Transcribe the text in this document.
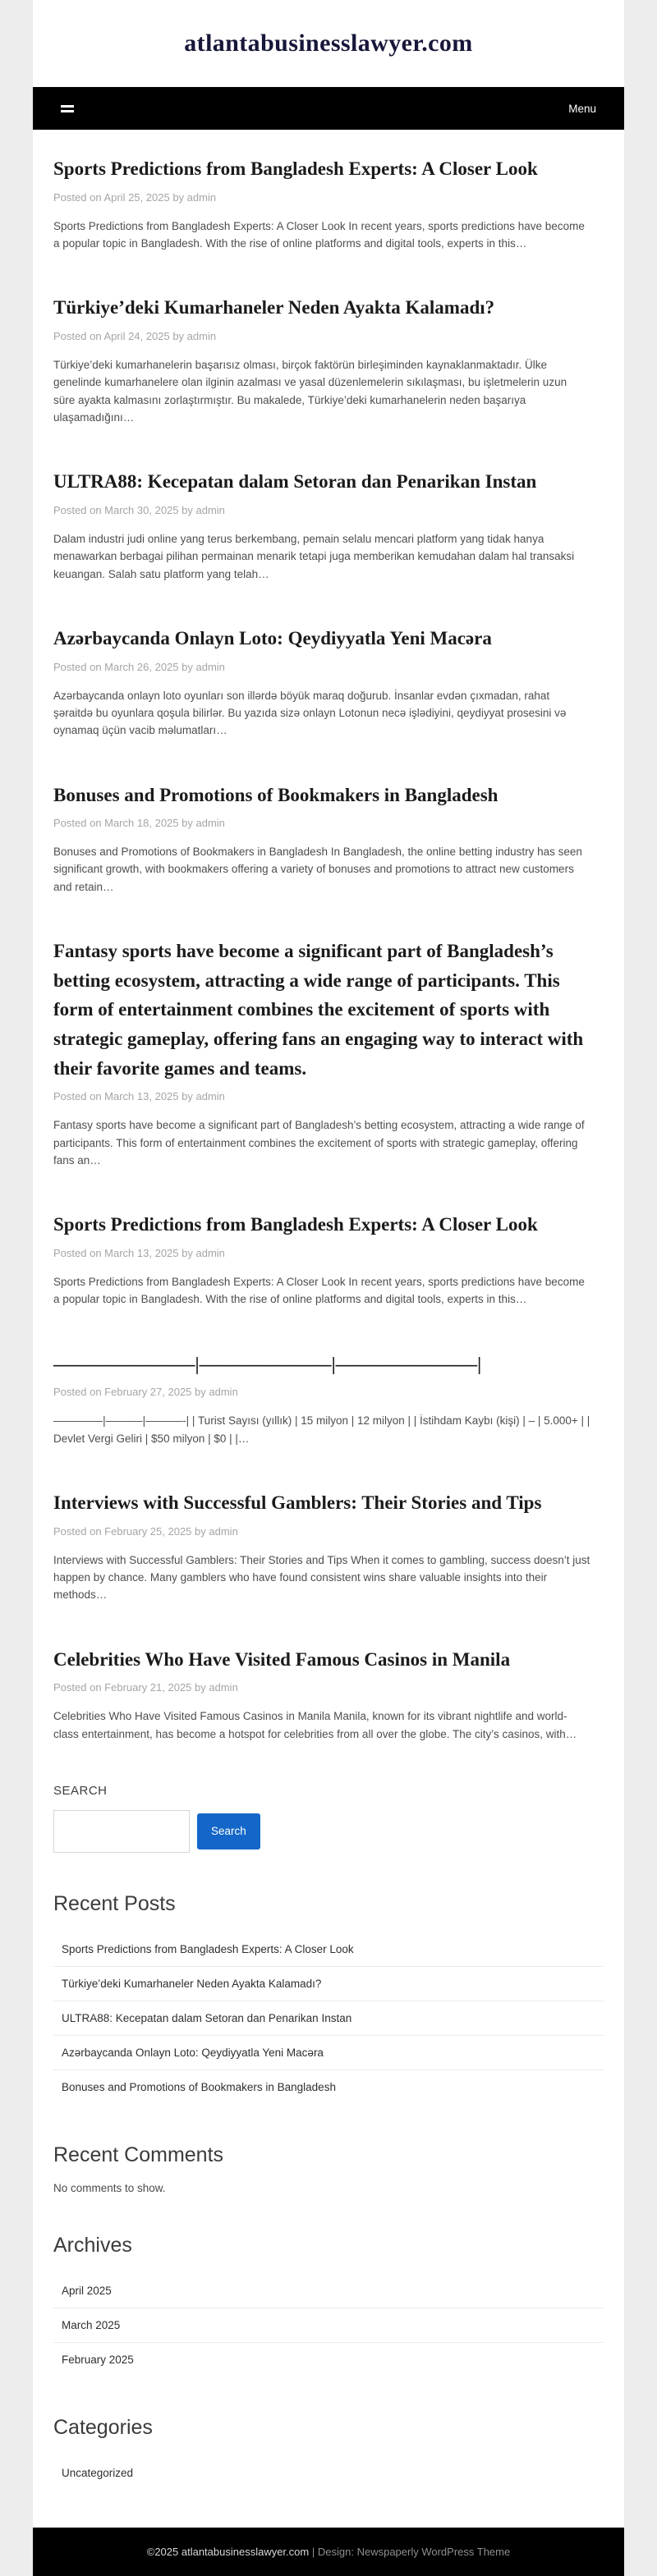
atlantabusinesslawyer.com
Menu
Sports Predictions from Bangladesh Experts: A Closer Look

Posted on April 25, 2025 by admin

Sports Predictions from Bangladesh Experts: A Closer Look In recent years, sports predictions have become a popular topic in Bangladesh. With the rise of online platforms and digital tools, experts in this…

Türkiye’deki Kumarhaneler Neden Ayakta Kalamadı?

Posted on April 24, 2025 by admin

Türkiye’deki kumarhanelerin başarısız olması, birçok faktörün birleşiminden kaynaklanmaktadır. Ülke genelinde kumarhanelere olan ilginin azalması ve yasal düzenlemelerin sıkılaşması, bu işletmelerin uzun süre ayakta kalmasını zorlaştırmıştır. Bu makalede, Türkiye’deki kumarhanelerin neden başarıya ulaşamadığını…

ULTRA88: Kecepatan dalam Setoran dan Penarikan Instan

Posted on March 30, 2025 by admin

Dalam industri judi online yang terus berkembang, pemain selalu mencari platform yang tidak hanya menawarkan berbagai pilihan permainan menarik tetapi juga memberikan kemudahan dalam hal transaksi keuangan. Salah satu platform yang telah…

Azərbaycanda Onlayn Loto: Qeydiyyatla Yeni Macəra

Posted on March 26, 2025 by admin

Azərbaycanda onlayn loto oyunları son illərdə böyük maraq doğurub. İnsanlar evdən çıxmadan, rahat şəraitdə bu oyunlara qoşula bilirlər. Bu yazıda sizə onlayn Lotonun necə işlədiyini, qeydiyyat prosesini və oynamaq üçün vacib məlumatları…

Bonuses and Promotions of Bookmakers in Bangladesh

Posted on March 18, 2025 by admin

Bonuses and Promotions of Bookmakers in Bangladesh In Bangladesh, the online betting industry has seen significant growth, with bookmakers offering a variety of bonuses and promotions to attract new customers and retain…

Fantasy sports have become a significant part of Bangladesh’s betting ecosystem, attracting a wide range of participants. This form of entertainment combines the excitement of sports with strategic gameplay, offering fans an engaging way to interact with their favorite games and teams.

Posted on March 13, 2025 by admin

Fantasy sports have become a significant part of Bangladesh’s betting ecosystem, attracting a wide range of participants. This form of entertainment combines the excitement of sports with strategic gameplay, offering fans an…

Sports Predictions from Bangladesh Experts: A Closer Look

Posted on March 13, 2025 by admin

Sports Predictions from Bangladesh Experts: A Closer Look In recent years, sports predictions have become a popular topic in Bangladesh. With the rise of online platforms and digital tools, experts in this…

———————–|———————|———————–|

Posted on February 27, 2025 by admin

––––––––|––––––|––––––-| | Turist Sayısı (yıllık) | 15 milyon | 12 milyon | | İstihdam Kaybı (kişi) | – | 5.000+ | | Devlet Vergi Geliri | $50 milyon | $0 | |…

Interviews with Successful Gamblers: Their Stories and Tips

Posted on February 25, 2025 by admin

Interviews with Successful Gamblers: Their Stories and Tips When it comes to gambling, success doesn’t just happen by chance. Many gamblers who have found consistent wins share valuable insights into their methods…

Celebrities Who Have Visited Famous Casinos in Manila

Posted on February 21, 2025 by admin

Celebrities Who Have Visited Famous Casinos in Manila Manila, known for its vibrant nightlife and world-class entertainment, has become a hotspot for celebrities from all over the globe. The city’s casinos, with…

SEARCH
Search
Recent Posts
Sports Predictions from Bangladesh Experts: A Closer Look
Türkiye’deki Kumarhaneler Neden Ayakta Kalamadı?
ULTRA88: Kecepatan dalam Setoran dan Penarikan Instan
Azərbaycanda Onlayn Loto: Qeydiyyatla Yeni Macəra
Bonuses and Promotions of Bookmakers in Bangladesh
Recent Comments

No comments to show.

Archives
April 2025
March 2025
February 2025
Categories
Uncategorized
©2025 atlantabusinesslawyer.com | Design: Newspaperly WordPress Theme
